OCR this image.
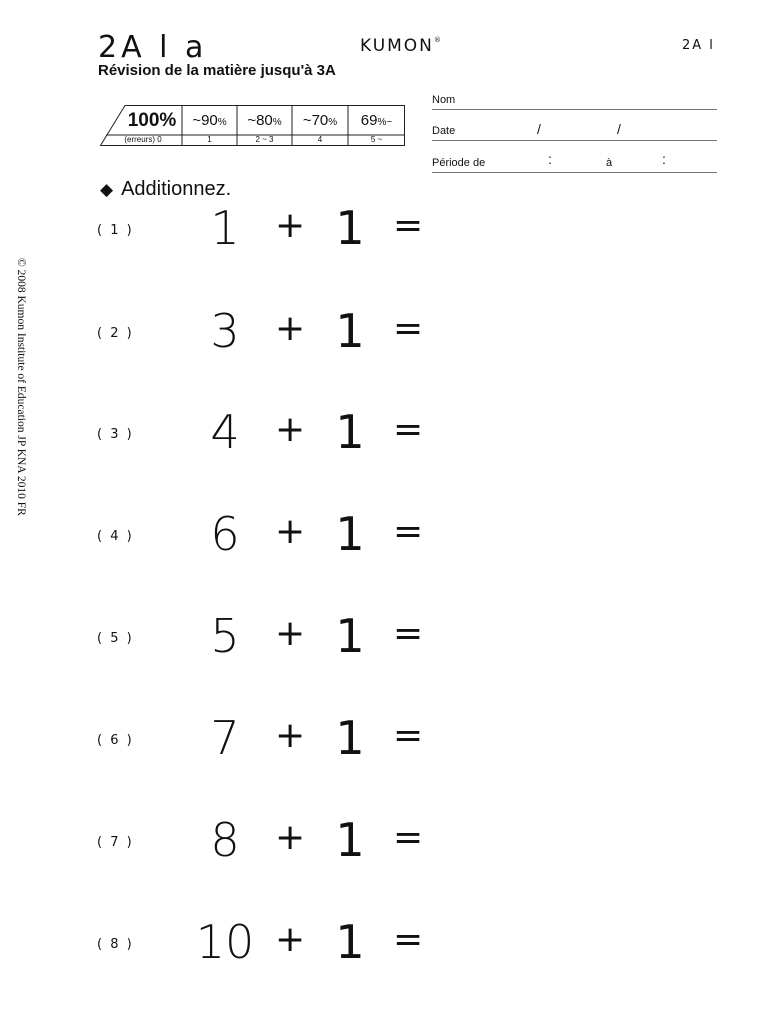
2A l a
Révision de la matière jusqu'à 3A
KUMON®	2A l
100%	~90%	~80%	~70%	69%~
(erreurs) 0	1	2 ~ 3	4	5 ~
Nom
Date	/	/
Période de	:	à	:
◆ Additionnez.
© 2008 Kumon Institute of Education JP KNA 2010 FR
( 1 )	1 + 1 =
( 2 )	3 + 1 =
( 3 )	4 + 1 =
( 4 )	6 + 1 =
( 5 )	5 + 1 =
( 6 )	7 + 1 =
( 7 )	8 + 1 =
( 8 )	10 + 1 =
